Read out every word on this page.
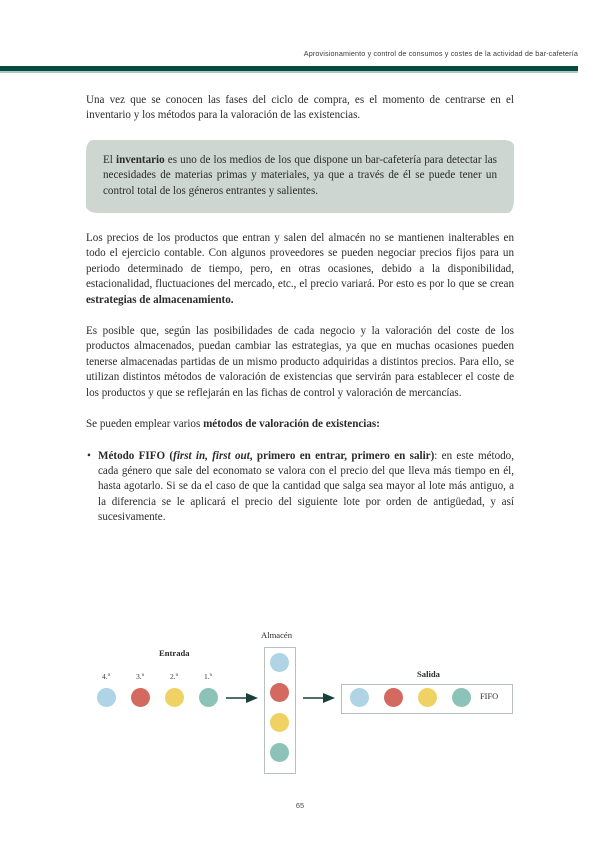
Aprovisionamiento y control de consumos y costes de la actividad de bar-cafetería

Una vez que se conocen las fases del ciclo de compra, es el momento de centrarse en el inventario y los métodos para la valoración de las existencias.

El inventario es uno de los medios de los que dispone un bar-cafetería para detectar las necesidades de materias primas y materiales, ya que a través de él se puede tener un control total de los géneros entrantes y salientes.

Los precios de los productos que entran y salen del almacén no se mantienen inalterables en todo el ejercicio contable. Con algunos proveedores se pueden negociar precios fijos para un periodo determinado de tiempo, pero, en otras ocasiones, debido a la disponibilidad, estacionalidad, fluctuaciones del mercado, etc., el precio variará. Por esto es por lo que se crean estrategias de almacenamiento.

Es posible que, según las posibilidades de cada negocio y la valoración del coste de los productos almacenados, puedan cambiar las estrategias, ya que en muchas ocasiones pueden tenerse almacenadas partidas de un mismo producto adquiridas a distintos precios. Para ello, se utilizan distintos métodos de valoración de existencias que servirán para establecer el coste de los productos y que se reflejarán en las fichas de control y valoración de mercancías.

Se pueden emplear varios métodos de valoración de existencias:

• Método FIFO (first in, first out, primero en entrar, primero en salir): en este método, cada género que sale del economato se valora con el precio del que lleva más tiempo en él, hasta agotarlo. Si se da el caso de que la cantidad que salga sea mayor al lote más antiguo, a la diferencia se le aplicará el precio del siguiente lote por orden de antigüedad, y así sucesivamente.
Entrada
4.º	3.º	2.º	1.º
Almacén
Salida
FIFO
65
